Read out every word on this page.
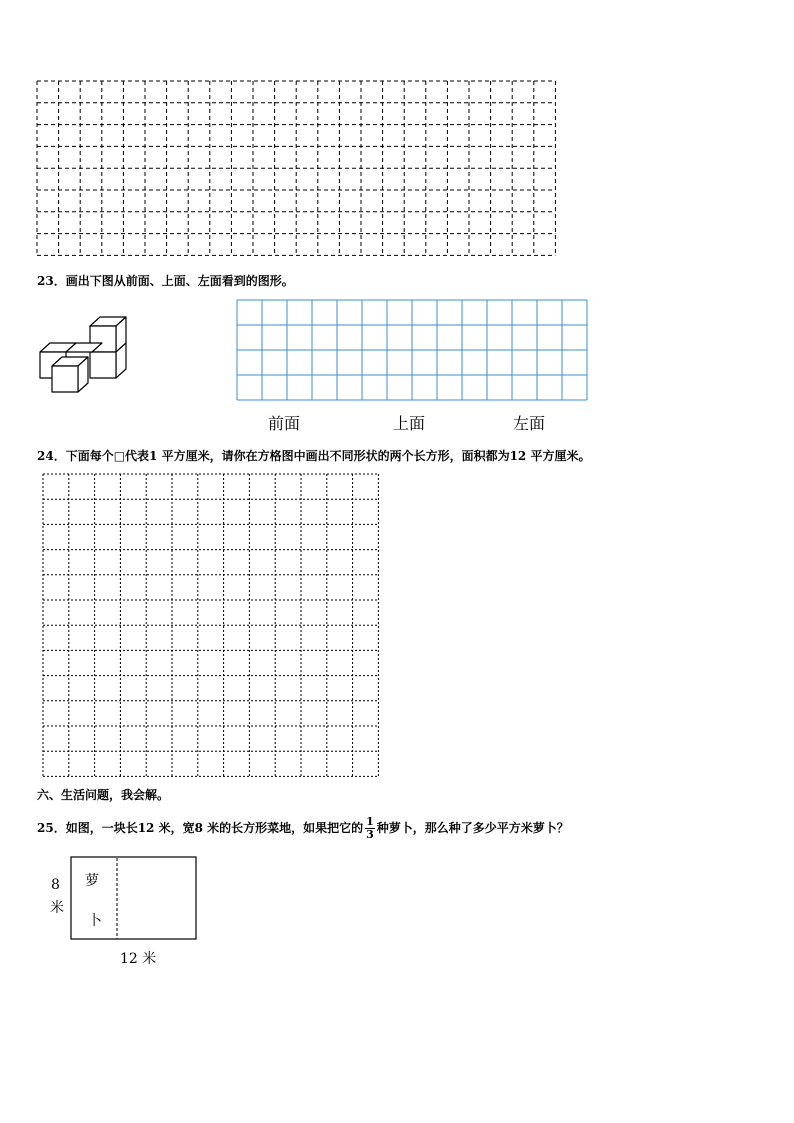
23．画出下图从前面、上面、左面看到的图形。
前面	上面	左面
24．下面每个□代表1 平方厘米，请你在方格图中画出不同形状的两个长方形，面积都为12 平方厘米。
六、生活问题，我会解。
25．如图，一块长12 米，宽8 米的长方形菜地，如果把它的 $\frac{1}{3}$ 种萝卜，那么种了多少平方米萝卜？
萝
卜
8
米
12 米
